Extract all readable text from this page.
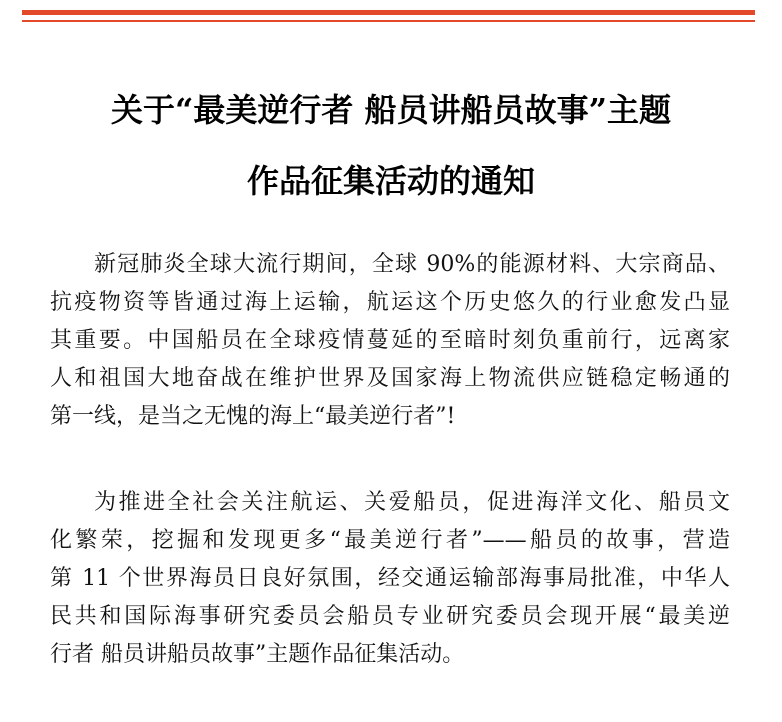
关于“最美逆行者 船员讲船员故事”主题
作品征集活动的通知
新冠肺炎全球大流行期间，全球 90%的能源材料、大宗商品、
抗疫物资等皆通过海上运输，航运这个历史悠久的行业愈发凸显
其重要。中国船员在全球疫情蔓延的至暗时刻负重前行，远离家
人和祖国大地奋战在维护世界及国家海上物流供应链稳定畅通的
第一线，是当之无愧的海上“最美逆行者”!
为推进全社会关注航运、关爱船员，促进海洋文化、船员文
化繁荣，挖掘和发现更多“最美逆行者”——船员的故事，营造
第 11 个世界海员日良好氛围，经交通运输部海事局批准，中华人
民共和国际海事研究委员会船员专业研究委员会现开展“最美逆
行者 船员讲船员故事”主题作品征集活动。
